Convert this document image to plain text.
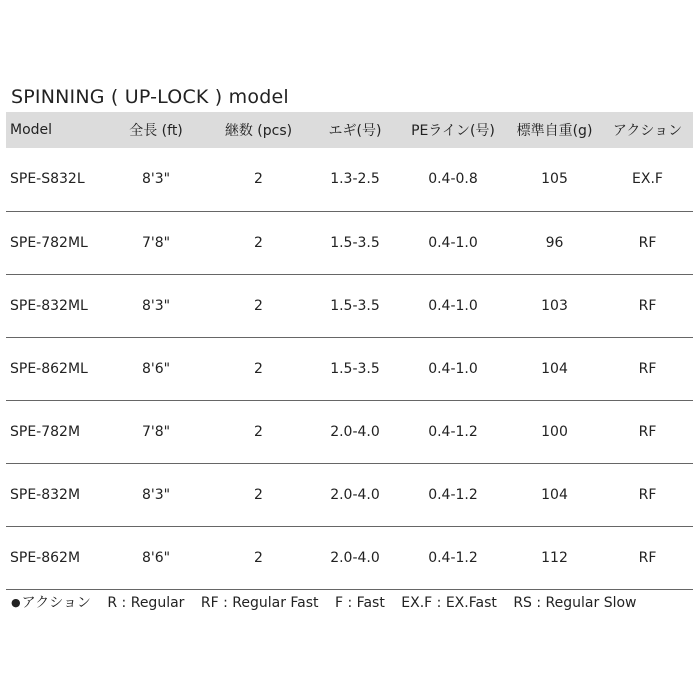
SPINNING ( UP-LOCK ) model
Model	全長 (ft)	継数 (pcs)	エギ(号)	PEライン(号)	標準自重(g)	アクション
SPE-S832L	8'3"	2	1.3-2.5	0.4-0.8	105	EX.F
SPE-782ML	7'8"	2	1.5-3.5	0.4-1.0	96	RF
SPE-832ML	8'3"	2	1.5-3.5	0.4-1.0	103	RF
SPE-862ML	8'6"	2	1.5-3.5	0.4-1.0	104	RF
SPE-782M	7'8"	2	2.0-4.0	0.4-1.2	100	RF
SPE-832M	8'3"	2	2.0-4.0	0.4-1.2	104	RF
SPE-862M	8'6"	2	2.0-4.0	0.4-1.2	112	RF
●アクション R : Regular RF : Regular Fast F : Fast EX.F : EX.Fast RS : Regular Slow
